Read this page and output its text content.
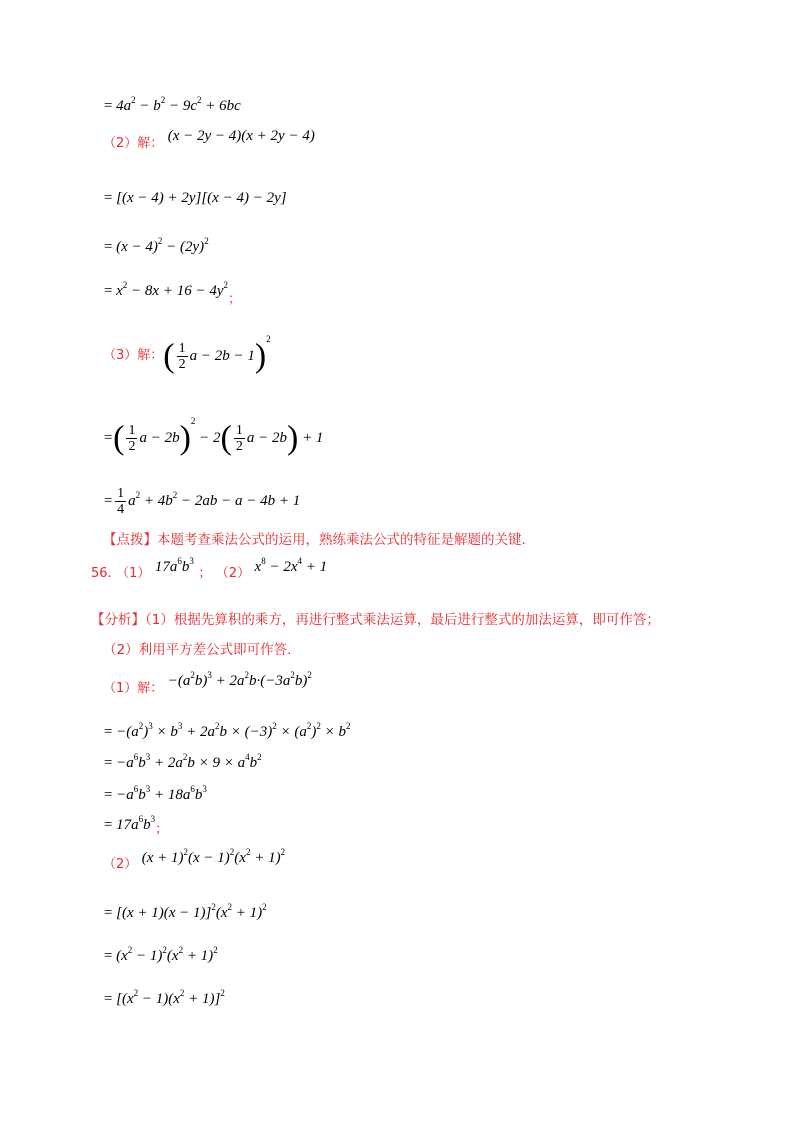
= $4a^2 - b^2 - 9c^2 + 6bc$
（2）解： (x − 2y − 4)(x + 2y − 4)
= [(x − 4) + 2y][(x − 4) − 2y]
= $(x - 4)^2 - (2y)^2$
= $x^2 - 8x + 16 - 4y^2$；
（3）解：( $\frac{1}{2}$ a − 2b − 1)$^2$
=( $\frac{1}{2}$ $a - 2b)^2 - 2( \frac{1}{2}$ a − 2b) + 1
= $\frac{1}{4} a^2 + 4b^2 - 2ab - a - 4b + 1$
【点拨】本题考查乘法公式的运用，熟练乘法公式的特征是解题的关键.
56. （1） $17a^6b^3$ ； （2） $x^8 - 2x^4 + 1$
【分析】（1）根据先算积的乘方，再进行整式乘法运算，最后进行整式的加法运算，即可作答；
（2）利用平方差公式即可作答.
（1）解： $-(a^2b)^3 + 2a^2b\cdot(-3a^2b)^2$
= $-(a^2)^3 \times b^3 + 2a^2b \times (-3)^2 \times (a^2)^2 \times b^2$
= $-a^6b^3 + 2a^2b \times 9 \times a^4b^2$
= $-a^6b^3 + 18a^6b^3$
= $17a^6b^3$；
（2） $(x + 1)^2(x - 1)^2(x^2 + 1)^2$
= $[(x + 1)(x - 1)]^2(x^2 + 1)^2$
= $(x^2 - 1)^2(x^2 + 1)^2$
= $[(x^2 - 1)(x^2 + 1)]^2$
